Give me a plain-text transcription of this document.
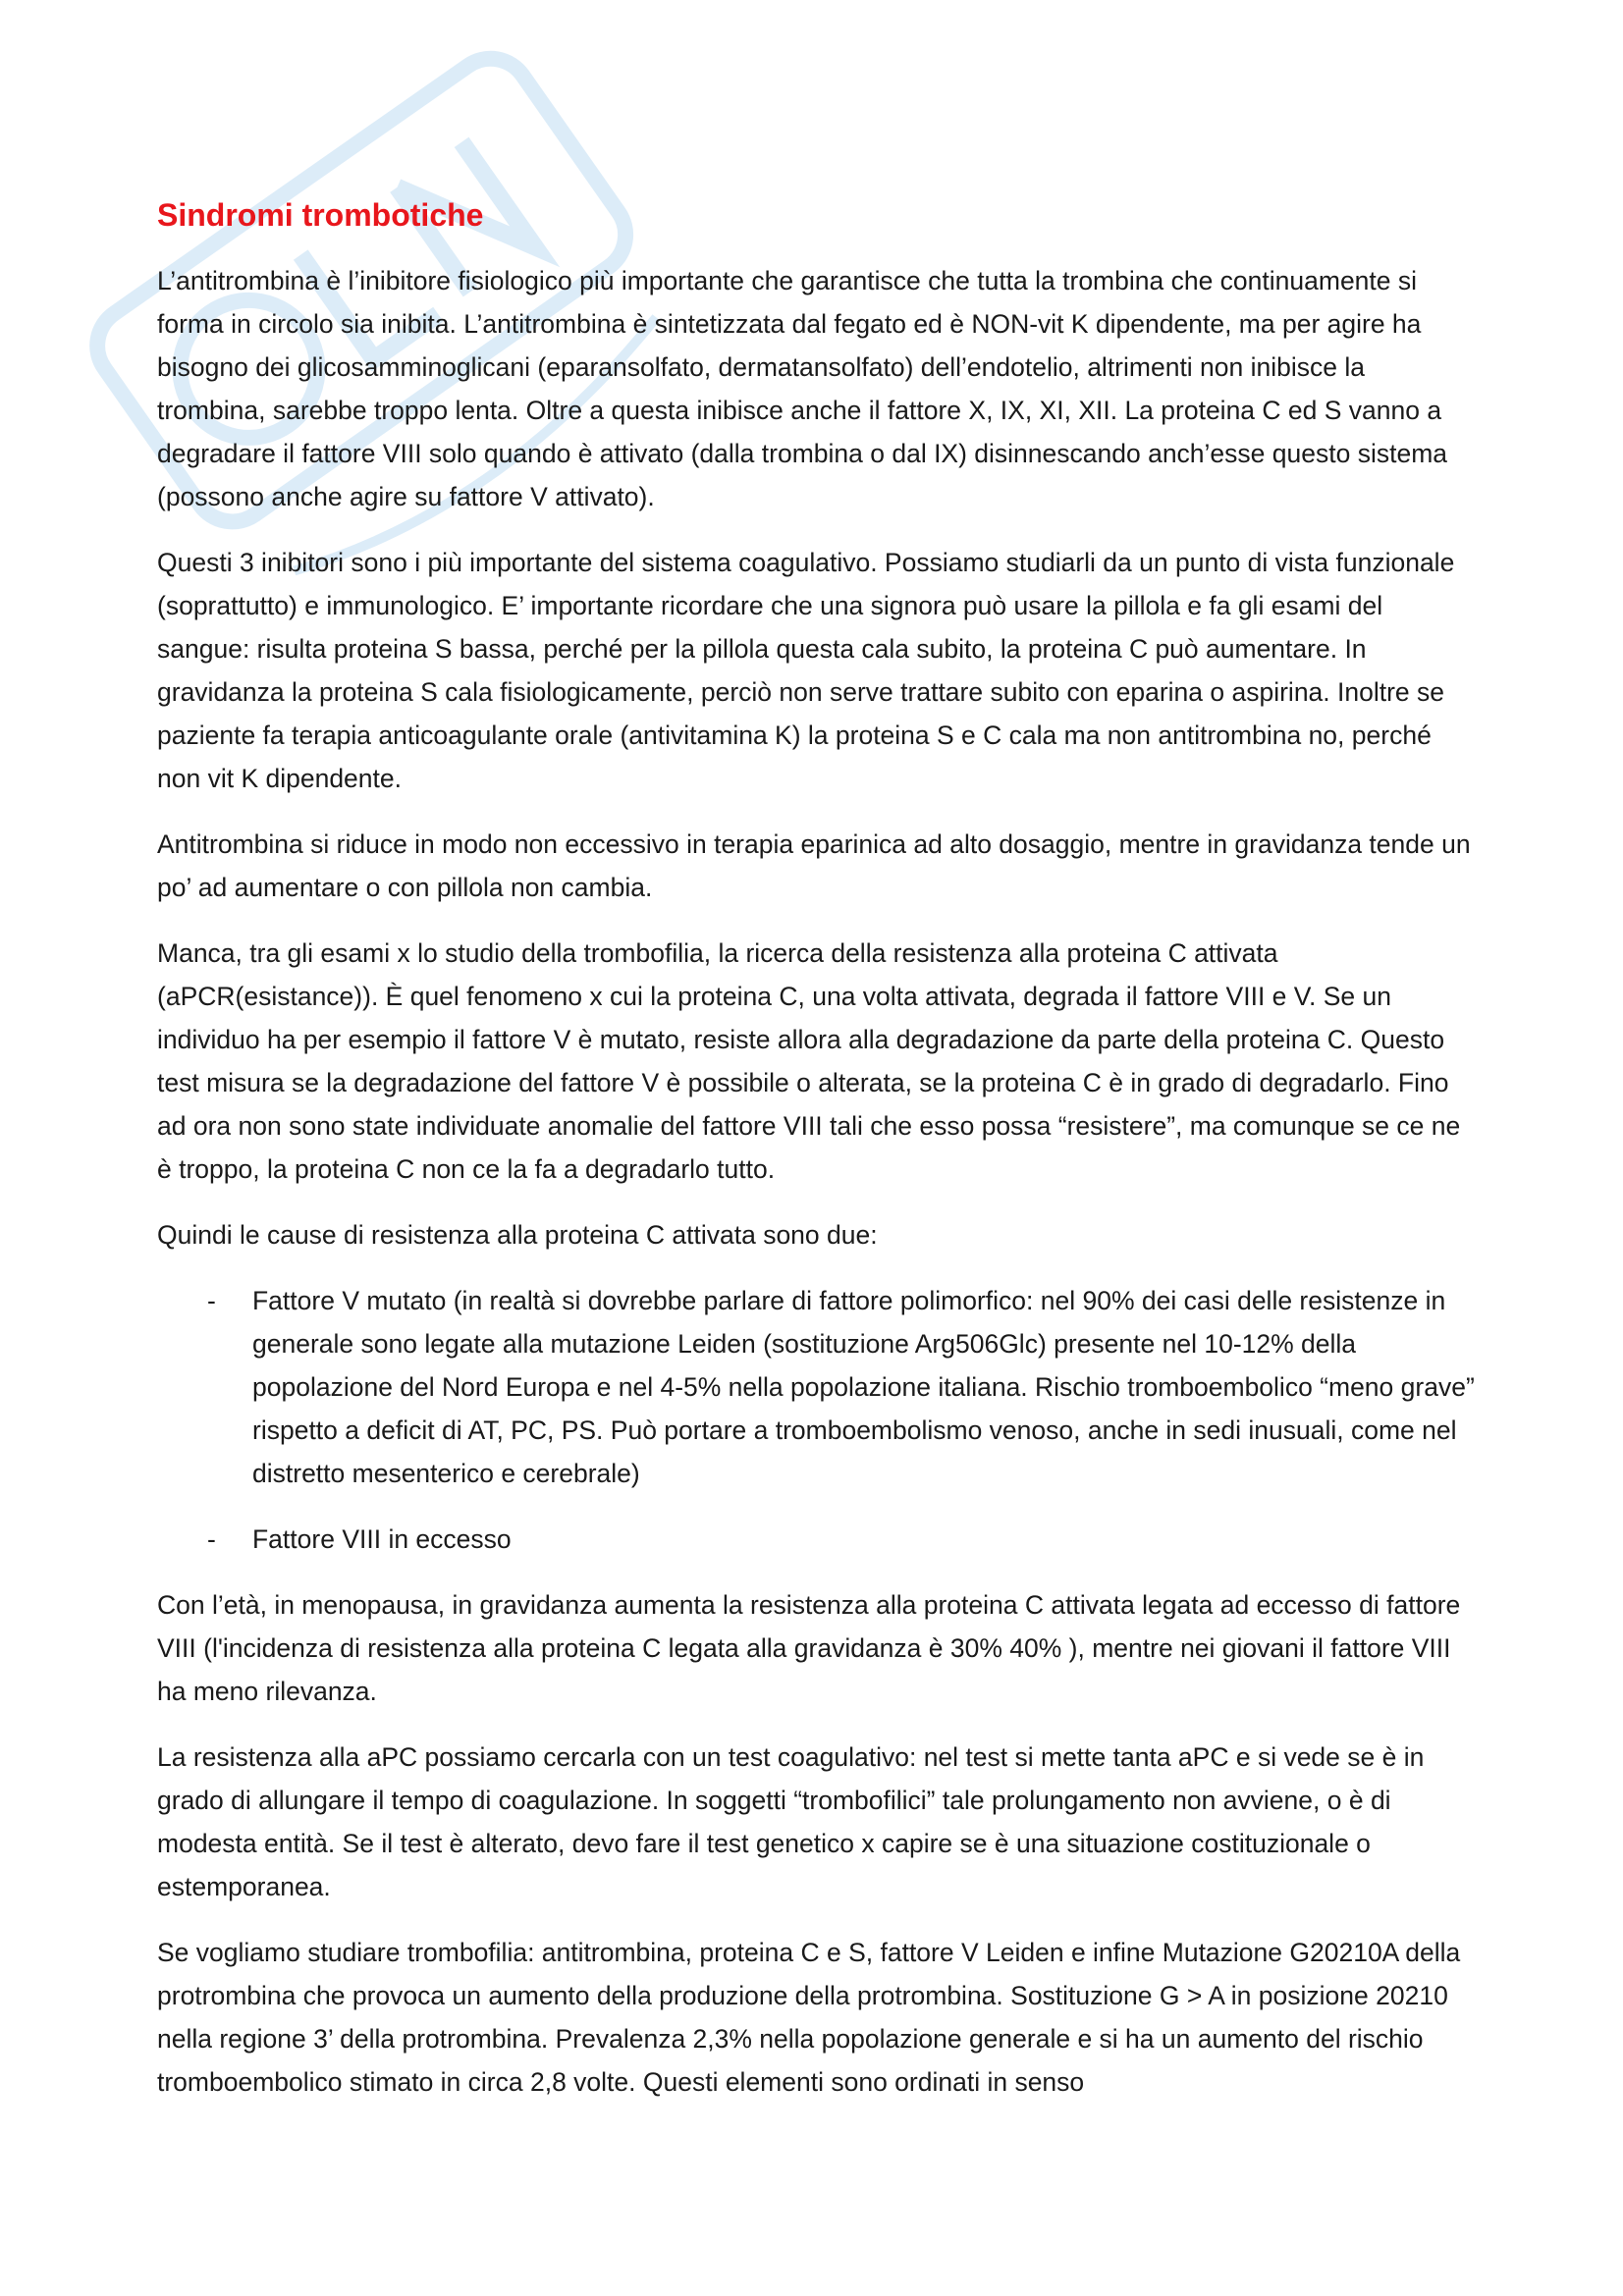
Sindromi trombotiche

L’antitrombina è l’inibitore fisiologico più importante che garantisce che tutta la trombina che continuamente si forma in circolo sia inibita. L’antitrombina è sintetizzata dal fegato ed è NON-vit K dipendente, ma per agire ha bisogno dei glicosamminoglicani (eparansolfato, dermatansolfato) dell’endotelio, altrimenti non inibisce la trombina, sarebbe troppo lenta. Oltre a questa inibisce anche il fattore X, IX, XI, XII. La proteina C ed S vanno a degradare il fattore VIII solo quando è attivato (dalla trombina o dal IX) disinnescando anch’esse questo sistema (possono anche agire su fattore V attivato).

Questi 3 inibitori sono i più importante del sistema coagulativo. Possiamo studiarli da un punto di vista funzionale (soprattutto) e immunologico. E’ importante ricordare che una signora può usare la pillola e fa gli esami del sangue: risulta proteina S bassa, perché per la pillola questa cala subito, la proteina C può aumentare. In gravidanza la proteina S cala fisiologicamente, perciò non serve trattare subito con eparina o aspirina. Inoltre se paziente fa terapia anticoagulante orale (antivitamina K) la proteina S e C cala ma non antitrombina no, perché non vit K dipendente.

Antitrombina si riduce in modo non eccessivo in terapia eparinica ad alto dosaggio, mentre in gravidanza tende un po’ ad aumentare o con pillola non cambia.

Manca, tra gli esami x lo studio della trombofilia, la ricerca della resistenza alla proteina C attivata (aPCR(esistance)). È quel fenomeno x cui la proteina C, una volta attivata, degrada il fattore VIII e V. Se un individuo ha per esempio il fattore V è mutato, resiste allora alla degradazione da parte della proteina C. Questo test misura se la degradazione del fattore V è possibile o alterata, se la proteina C è in grado di degradarlo. Fino ad ora non sono state individuate anomalie del fattore VIII tali che esso possa “resistere”, ma comunque se ce ne è troppo, la proteina C non ce la fa a degradarlo tutto.

Quindi le cause di resistenza alla proteina C attivata sono due:

- Fattore V mutato (in realtà si dovrebbe parlare di fattore polimorfico: nel 90% dei casi delle resistenze in generale sono legate alla mutazione Leiden (sostituzione Arg506Glc) presente nel 10-12% della popolazione del Nord Europa e nel 4-5% nella popolazione italiana. Rischio tromboembolico “meno grave” rispetto a deficit di AT, PC, PS. Può portare a tromboembolismo venoso, anche in sedi inusuali, come nel distretto mesenterico e cerebrale)
- Fattore VIII in eccesso

Con l’età, in menopausa, in gravidanza aumenta la resistenza alla proteina C attivata legata ad eccesso di fattore VIII (l'incidenza di resistenza alla proteina C legata alla gravidanza è 30% 40% ), mentre nei giovani il fattore VIII ha meno rilevanza.

La resistenza alla aPC possiamo cercarla con un test coagulativo: nel test si mette tanta aPC e si vede se è in grado di allungare il tempo di coagulazione. In soggetti “trombofilici” tale prolungamento non avviene, o è di modesta entità. Se il test è alterato, devo fare il test genetico x capire se è una situazione costituzionale o estemporanea.

Se vogliamo studiare trombofilia: antitrombina, proteina C e S, fattore V Leiden e infine Mutazione G20210A della protrombina che provoca un aumento della produzione della protrombina. Sostituzione G > A in posizione 20210 nella regione 3’ della protrombina. Prevalenza 2,3% nella popolazione generale e si ha un aumento del rischio tromboembolico stimato in circa 2,8 volte. Questi elementi sono ordinati in senso
